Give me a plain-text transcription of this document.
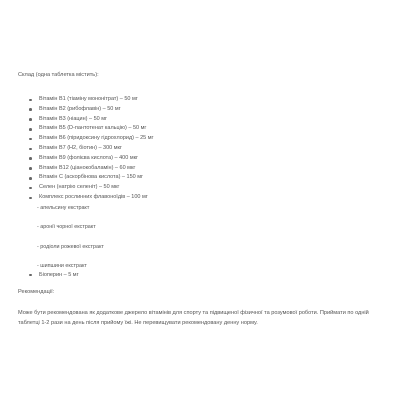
Склад (одна таблетка містить):
Вітамін B1 (тіаміну мононітрат) – 50 мг
Вітамін B2 (рибофлавін) – 50 мг
Вітамін B3 (ніацин) – 50 мг
Вітамін B5 (D-пантотенат кальцію) – 50 мг
Вітамін B6 (піридоксину гідрохлорид) – 25 мг
Вітамін B7 (H2, біотин) – 300 мкг
Вітамін B9 (фолієва кислота) – 400 мкг
Вітамін B12 (ціанокобаламін) – 60 мкг
Вітамін C (аскорбінова кислота) – 150 мг
Селен (натрію селеніт) – 50 мкг
Комплекс рослинних флавоноїдів – 100 мг
- апельсину екстракт
- аронії чорної екстракт
- родіоли рожевої екстракт
- шипшини екстракт
Біоперин – 5 мг
Рекомендації:
Може бути рекомендована як додаткове джерело вітамінів для спорту та підвищеної фізичної та розумової роботи. Приймати по одній таблетці 1-2 рази на день після прийому їжі. Не перевищувати рекомендовану денну норму.
